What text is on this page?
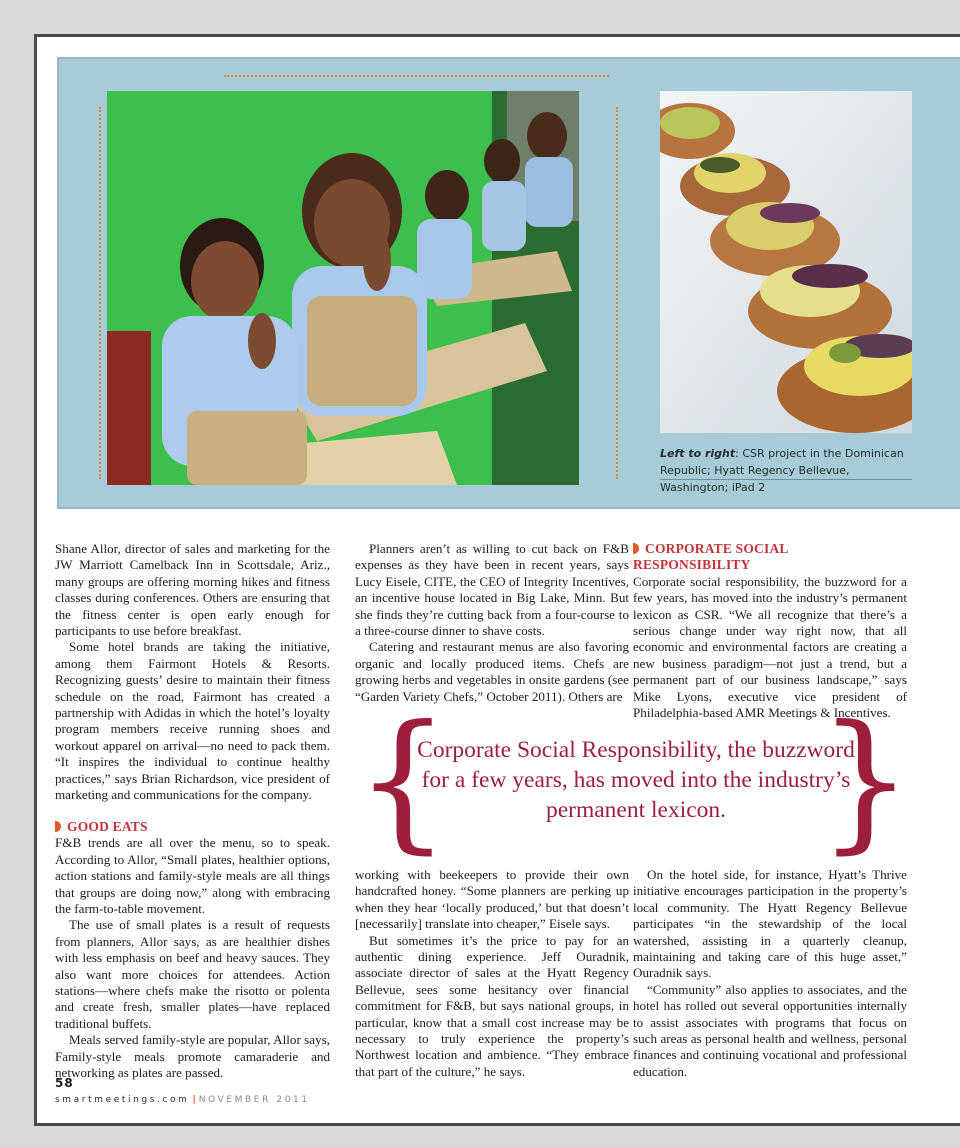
Left to right: CSR project in the Dominican Republic; Hyatt Regency Bellevue, Washington; iPad 2

Shane Allor, director of sales and marketing for the JW Marriott Camelback Inn in Scottsdale, Ariz., many groups are offering morning hikes and fitness classes during conferences. Others are ensuring that the fitness center is open early enough for participants to use before breakfast.

Some hotel brands are taking the initiative, among them Fairmont Hotels & Resorts. Recognizing guests’ desire to maintain their fitness schedule on the road, Fairmont has created a partnership with Adidas in which the hotel’s loyalty program members receive running shoes and workout apparel on arrival—no need to pack them. “It inspires the individual to continue healthy practices,” says Brian Richardson, vice president of marketing and communications for the company.

GOOD EATS

F&B trends are all over the menu, so to speak. According to Allor, “Small plates, healthier options, action stations and family-style meals are all things that groups are doing now,” along with embracing the farm-to-table movement.

The use of small plates is a result of requests from planners, Allor says, as are healthier dishes with less emphasis on beef and heavy sauces. They also want more choices for attendees. Action stations—where chefs make the risotto or polenta and create fresh, smaller plates—have replaced traditional buffets.

Meals served family-style are popular, Allor says, Family-style meals promote camaraderie and networking as plates are passed.

Planners aren’t as willing to cut back on F&B expenses as they have been in recent years, says Lucy Eisele, CITE, the CEO of Integrity Incentives, an incentive house located in Big Lake, Minn. But she finds they’re cutting back from a four-course to a three-course dinner to shave costs.

Catering and restaurant menus are also favoring organic and locally produced items. Chefs are growing herbs and vegetables in onsite gardens (see “Garden Variety Chefs,” October 2011). Others are

working with beekeepers to provide their own handcrafted honey. “Some planners are perking up when they hear ‘locally produced,’ but that doesn’t [necessarily] translate into cheaper,” Eisele says.

But sometimes it’s the price to pay for an authentic dining experience. Jeff Ouradnik, associate director of sales at the Hyatt Regency Bellevue, sees some hesitancy over financial commitment for F&B, but says national groups, in particular, know that a small cost increase may be necessary to truly experience the property’s Northwest location and ambience. “They embrace that part of the culture,” he says.

CORPORATE SOCIAL RESPONSIBILITY

Corporate social responsibility, the buzzword for a few years, has moved into the industry’s permanent lexicon as CSR. “We all recognize that there’s a serious change under way right now, that all economic and environmental factors are creating a new business paradigm—not just a trend, but a permanent part of our business landscape,” says Mike Lyons, executive vice president of Philadelphia-based AMR Meetings & Incentives.

On the hotel side, for instance, Hyatt’s Thrive initiative encourages participation in the property’s local community. The Hyatt Regency Bellevue participates “in the stewardship of the local watershed, assisting in a quarterly cleanup, maintaining and taking care of this huge asset,” Ouradnik says.

“Community” also applies to associates, and the hotel has rolled out several opportunities internally to assist associates with programs that focus on such areas as personal health and wellness, personal finances and continuing vocational and professional education.

{
Corporate Social Responsibility, the buzzword for a few years, has moved into the industry’s permanent lexicon. }
58
smartmeetings.com | NOVEMBER 2011
